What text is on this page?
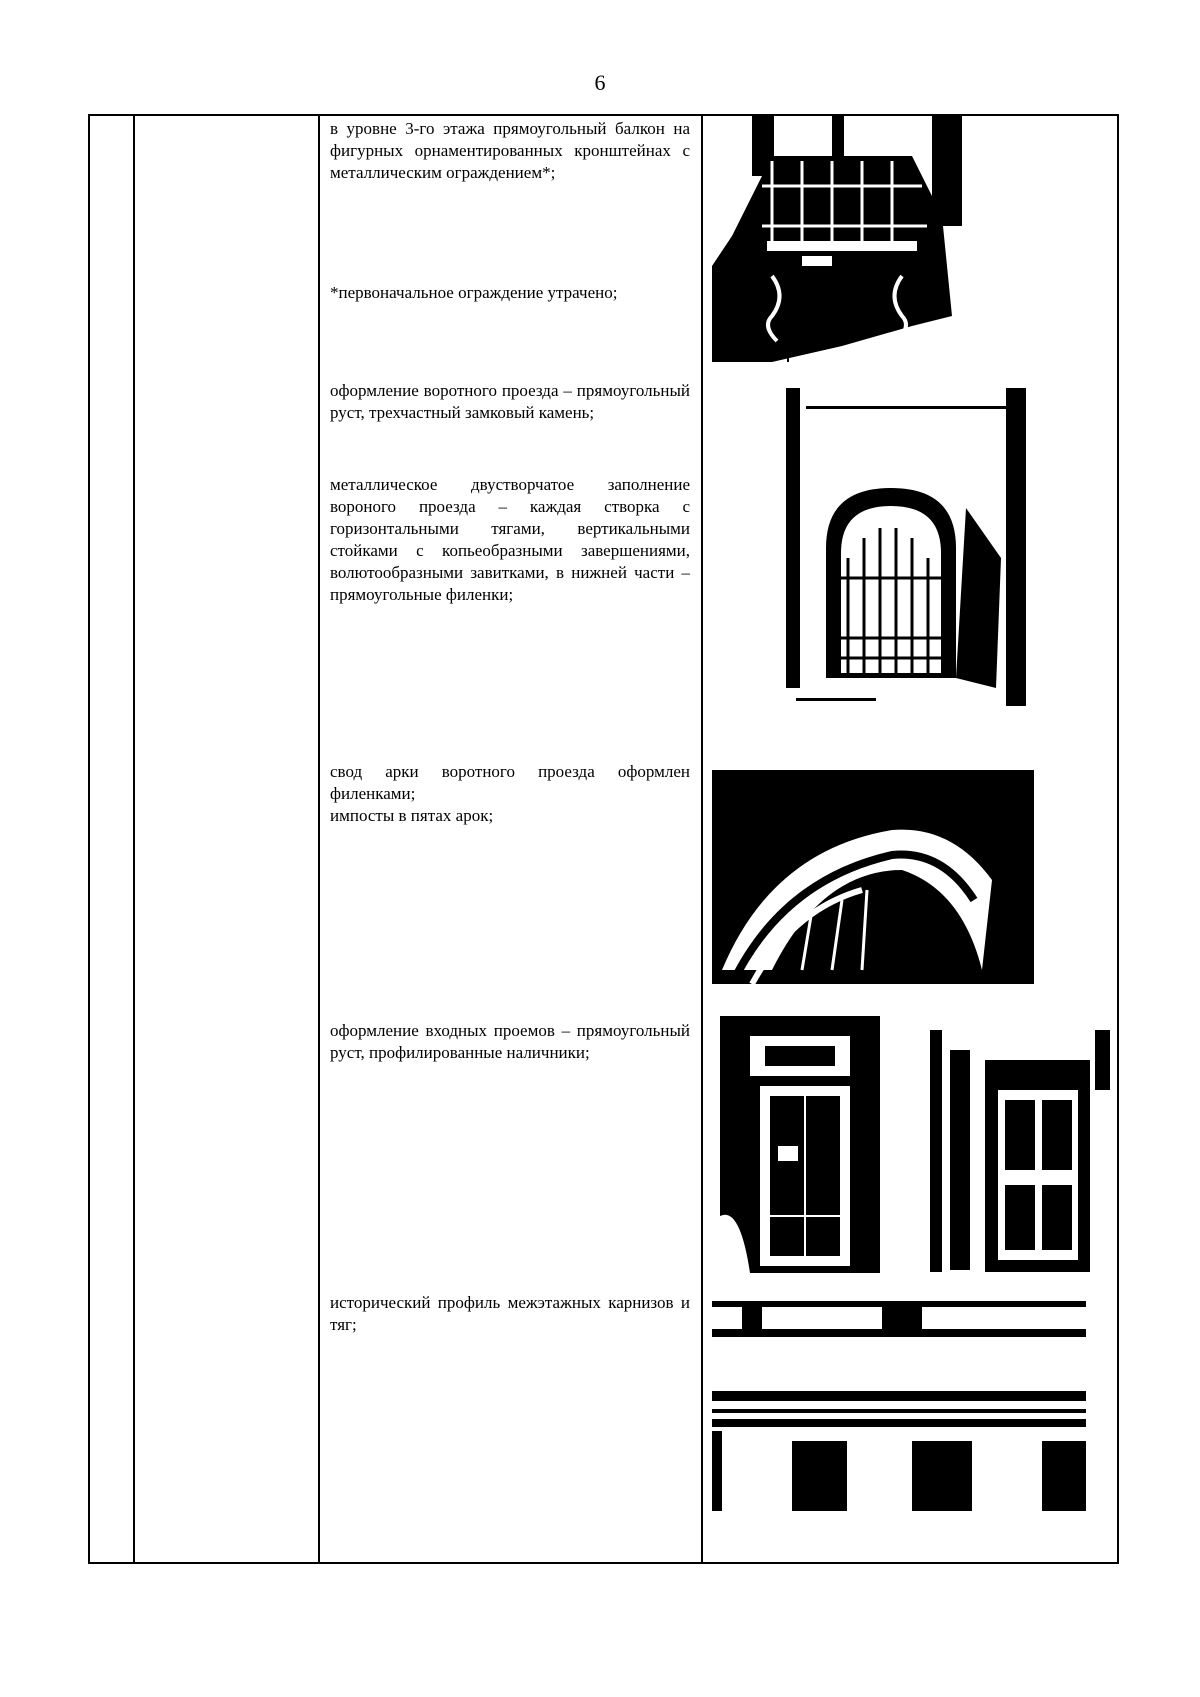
6

в уровне 3-го этажа прямоугольный балкон на фигурных орнаментированных кронштейнах с металлическим ограждением*;

*первоначальное ограждение утрачено;

оформление воротного проезда – прямоугольный руст, трехчастный замковый камень;

металлическое двустворчатое заполнение вороного проезда – каждая створка с горизонтальными тягами, вертикальными стойками с копьеобразными завершениями, волютообразными завитками, в нижней части – прямоугольные филенки;

свод арки воротного проезда оформлен филенками;

импосты в пятах арок;

оформление входных проемов – прямоугольный руст, профилированные наличники;

исторический профиль межэтажных карнизов и тяг;
